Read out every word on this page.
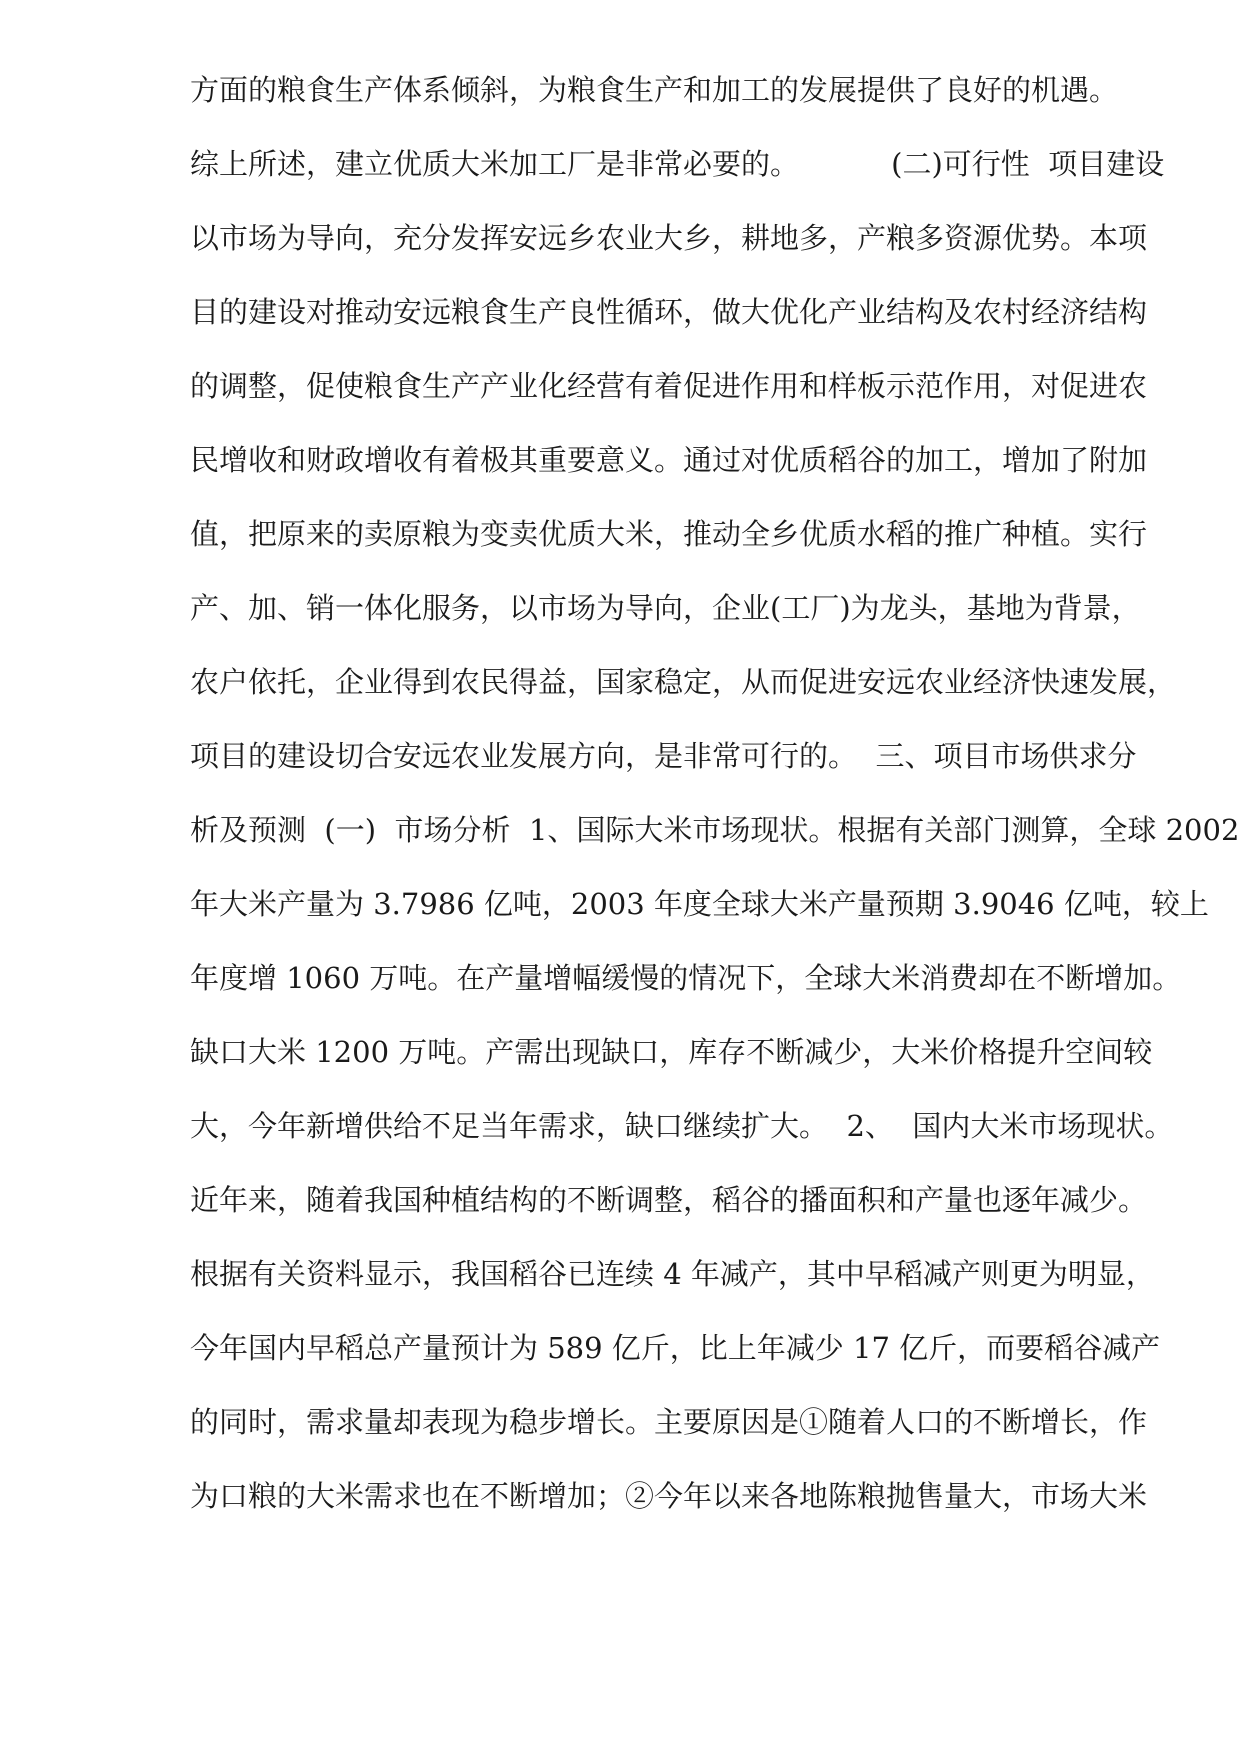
方面的粮食生产体系倾斜，为粮食生产和加工的发展提供了良好的机遇。
综上所述，建立优质大米加工厂是非常必要的。          (二)可行性  项目建设
以市场为导向，充分发挥安远乡农业大乡，耕地多，产粮多资源优势。本项
目的建设对推动安远粮食生产良性循环，做大优化产业结构及农村经济结构
的调整，促使粮食生产产业化经营有着促进作用和样板示范作用，对促进农
民增收和财政增收有着极其重要意义。通过对优质稻谷的加工，增加了附加
值，把原来的卖原粮为变卖优质大米，推动全乡优质水稻的推广种植。实行
产、加、销一体化服务，以市场为导向，企业(工厂)为龙头，基地为背景，
农户依托，企业得到农民得益，国家稳定，从而促进安远农业经济快速发展，
项目的建设切合安远农业发展方向，是非常可行的。  三、项目市场供求分
析及预测  (一)  市场分析  1、国际大米市场现状。根据有关部门测算，全球 2002
年大米产量为 3.7986 亿吨，2003 年度全球大米产量预期 3.9046 亿吨，较上
年度增 1060 万吨。在产量增幅缓慢的情况下，全球大米消费却在不断增加。
缺口大米 1200 万吨。产需出现缺口，库存不断减少，大米价格提升空间较
大，今年新增供给不足当年需求，缺口继续扩大。  2、  国内大米市场现状。
近年来，随着我国种植结构的不断调整，稻谷的播面积和产量也逐年减少。
根据有关资料显示，我国稻谷已连续 4 年减产，其中早稻减产则更为明显，
今年国内早稻总产量预计为 589 亿斤，比上年减少 17 亿斤，而要稻谷减产
的同时，需求量却表现为稳步增长。主要原因是①随着人口的不断增长，作
为口粮的大米需求也在不断增加；②今年以来各地陈粮抛售量大，市场大米
